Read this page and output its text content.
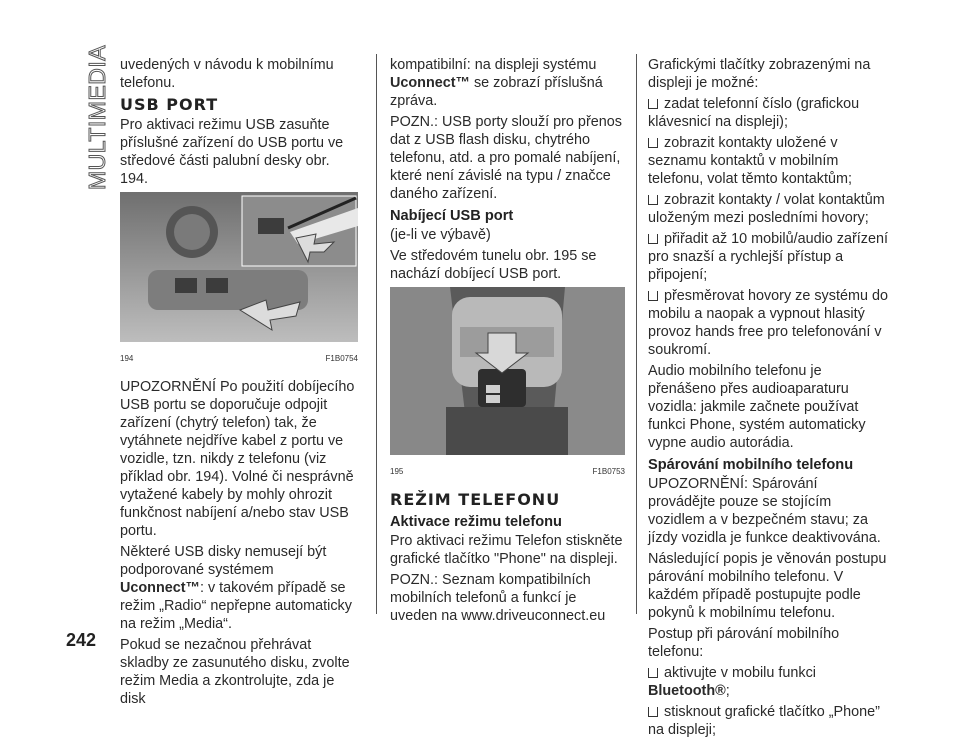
MULTIMEDIA uvedených v návodu k mobilnímu telefonu.

USB PORT

Pro aktivaci režimu USB zasuňte příslušné zařízení do USB portu ve středové části palubní desky obr. 194.

194	F1B0754

UPOZORNĚNÍ Po použití dobíjecího USB portu se doporučuje odpojit zařízení (chytrý telefon) tak, že vytáhnete nejdříve kabel z portu ve vozidle, tzn. nikdy z telefonu (viz příklad obr. 194). Volné či nesprávně vytažené kabely by mohly ohrozit funkčnost nabíjení a/nebo stav USB portu.

Některé USB disky nemusejí být podporované systémem Uconnect™: v takovém případě se režim „Radio“ nepřepne automaticky na režim „Media“.

Pokud se nezačnou přehrávat skladby ze zasunutého disku, zvolte režim Media a zkontrolujte, zda je disk

kompatibilní: na displeji systému Uconnect™ se zobrazí příslušná zpráva.

POZN.: USB porty slouží pro přenos dat z USB flash disku, chytrého telefonu, atd. a pro pomalé nabíjení, které není závislé na typu / značce daného zařízení.

Nabíjecí USB port

(je-li ve výbavě)

Ve středovém tunelu obr. 195 se nachází dobíjecí USB port.

195	F1B0753
REŽIM TELEFONU
Aktivace režimu telefonu

Pro aktivaci režimu Telefon stiskněte grafické tlačítko "Phone" na displeji.

POZN.: Seznam kompatibilních mobilních telefonů a funkcí je uveden na www.driveuconnect.eu

Grafickými tlačítky zobrazenými na displeji je možné:

zadat telefonní číslo (grafickou klávesnicí na displeji);

zobrazit kontakty uložené v seznamu kontaktů v mobilním telefonu, volat těmto kontaktům;

zobrazit kontakty / volat kontaktům uloženým mezi posledními hovory;

přiřadit až 10 mobilů/audio zařízení pro snazší a rychlejší přístup a připojení;

přesměrovat hovory ze systému do mobilu a naopak a vypnout hlasitý provoz hands free pro telefonování v soukromí.

Audio mobilního telefonu je přenášeno přes audioaparaturu vozidla: jakmile začnete používat funkci Phone, systém automaticky vypne audio autorádia.

Spárování mobilního telefonu

UPOZORNĚNÍ: Spárování provádějte pouze se stojícím vozidlem a v bezpečném stavu; za jízdy vozidla je funkce deaktivována.

Následující popis je věnován postupu párování mobilního telefonu. V každém případě postupujte podle pokynů k mobilnímu telefonu.

Postup při párování mobilního telefonu:

aktivujte v mobilu funkci
Bluetooth®;

stisknout grafické tlačítko „Phone” na displeji;

242
